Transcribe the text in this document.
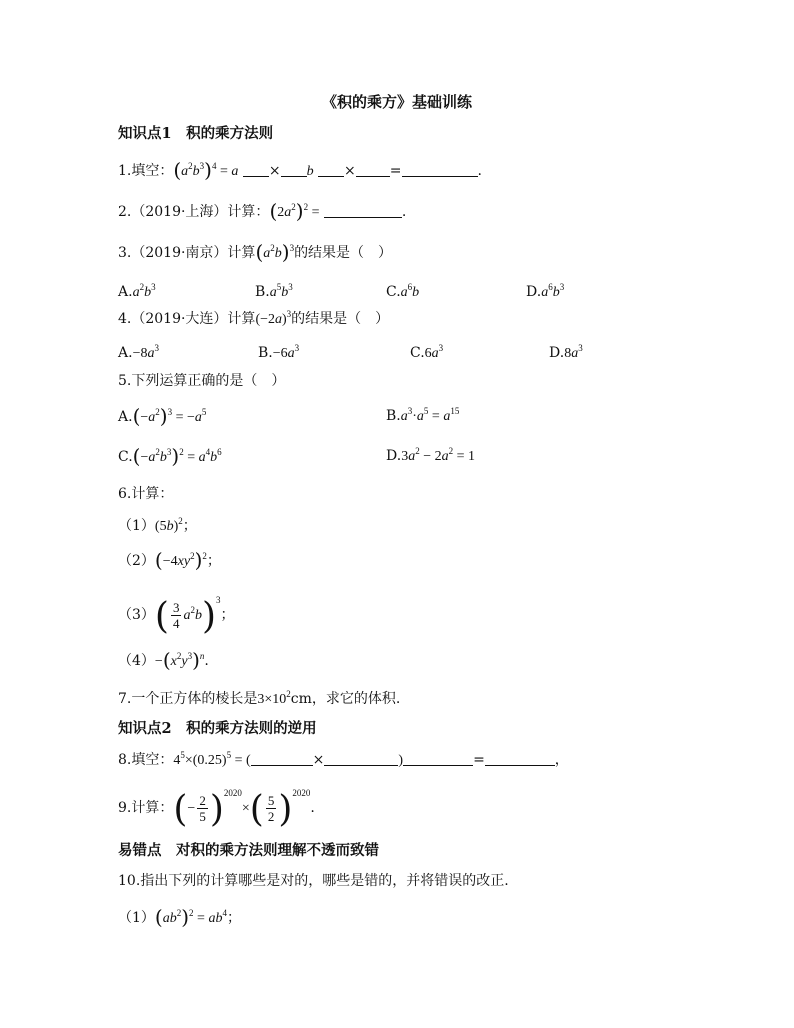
《积的乘方》基础训练
知识点1　积的乘方法则
1.填空：$(a^2b^3)^4 = a \times b$ × =	.
2.（2019·上海）计算：$(2a^2)^2$ =	.
3.（2019·南京）计算$(a^2b)^3$的结果是（　）
$A.a^2b^3$	$B.a^5b^3$	$C.a^6b$	$D.a^6b^3$
4.（2019·大连）计算$(-2a)^3$的结果是（　）
$A.-8a^3$	$B.-6a^3$	$C.6a^3$	$D.8a^3$
5.下列运算正确的是（　）
$A.(-a^2)^3 = -a^5$	$B.a^3\cdot a^5 = a^{15}$
$C.(-a^2b^3)^2 = a^4b^6$	$D.3a^2 - 2a^2 = 1$
6.计算：
$(1)(5b)^2$；
$(2)(-4xy^2)^2$；
$(3)( \frac{3}{4} a^2b)^3$；
$(4)-(x^2y^3)^n$.
7.一个正方体的棱长是$3\times 10^2cm$，求它的体积.
知识点2　积的乘方法则的逆用
8.填空：$4^5\times(0.25)^5$ = (	×	)	=	，
9.计算：(− $\frac{2}{5} )^{2020}\times( \frac{5}{2} )^{2020}$.
易错点　对积的乘方法则理解不透而致错
10.指出下列的计算哪些是对的，哪些是错的，并将错误的改正.
$(1)(ab^2)^2 = ab^4$；
